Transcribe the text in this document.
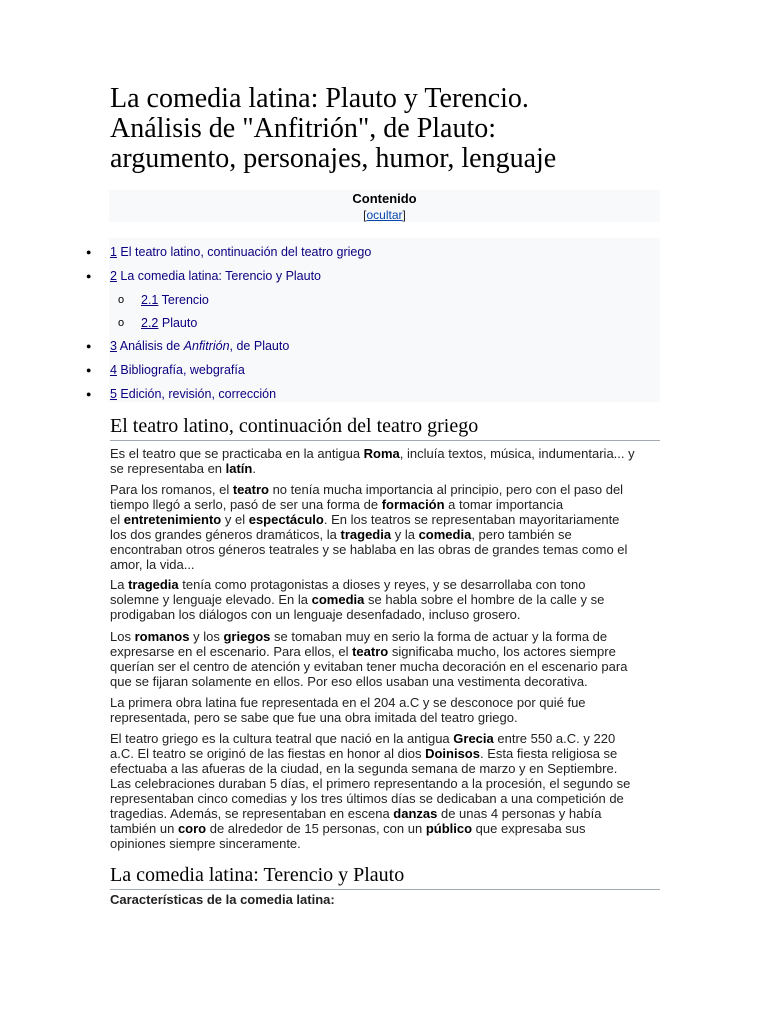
La comedia latina: Plauto y Terencio.
Análisis de "Anfitrión", de Plauto:
argumento, personajes, humor, lenguaje
Contenido
[ocultar]
● 1 El teatro latino, continuación del teatro griego
● 2 La comedia latina: Terencio y Plauto
o 2.1 Terencio
o 2.2 Plauto
● 3 Análisis de Anfitrión, de Plauto
● 4 Bibliografía, webgrafía
● 5 Edición, revisión, corrección
El teatro latino, continuación del teatro griego

Es el teatro que se practicaba en la antigua Roma, incluía textos, música, indumentaria... y
se representaba en latín.

Para los romanos, el teatro no tenía mucha importancia al principio, pero con el paso del
tiempo llegó a serlo, pasó de ser una forma de formación a tomar importancia
el entretenimiento y el espectáculo. En los teatros se representaban mayoritariamente
los dos grandes géneros dramáticos, la tragedia y la comedia, pero también se
encontraban otros géneros teatrales y se hablaba en las obras de grandes temas como el
amor, la vida...

La tragedia tenía como protagonistas a dioses y reyes, y se desarrollaba con tono
solemne y lenguaje elevado. En la comedia se habla sobre el hombre de la calle y se
prodigaban los diálogos con un lenguaje desenfadado, incluso grosero.

Los romanos y los griegos se tomaban muy en serio la forma de actuar y la forma de
expresarse en el escenario. Para ellos, el teatro significaba mucho, los actores siempre
querían ser el centro de atención y evitaban tener mucha decoración en el escenario para
que se fijaran solamente en ellos. Por eso ellos usaban una vestimenta decorativa.

La primera obra latina fue representada en el 204 a.C y se desconoce por quié fue
representada, pero se sabe que fue una obra imitada del teatro griego.

El teatro griego es la cultura teatral que nació en la antigua Grecia entre 550 a.C. y 220
a.C. El teatro se originó de las fiestas en honor al dios Doinisos. Esta fiesta religiosa se
efectuaba a las afueras de la ciudad, en la segunda semana de marzo y en Septiembre.
Las celebraciones duraban 5 días, el primero representando a la procesión, el segundo se
representaban cinco comedias y los tres últimos días se dedicaban a una competición de
tragedias. Además, se representaban en escena danzas de unas 4 personas y había
también un coro de alrededor de 15 personas, con un público que expresaba sus
opiniones siempre sinceramente.

La comedia latina: Terencio y Plauto
Características de la comedia latina:
